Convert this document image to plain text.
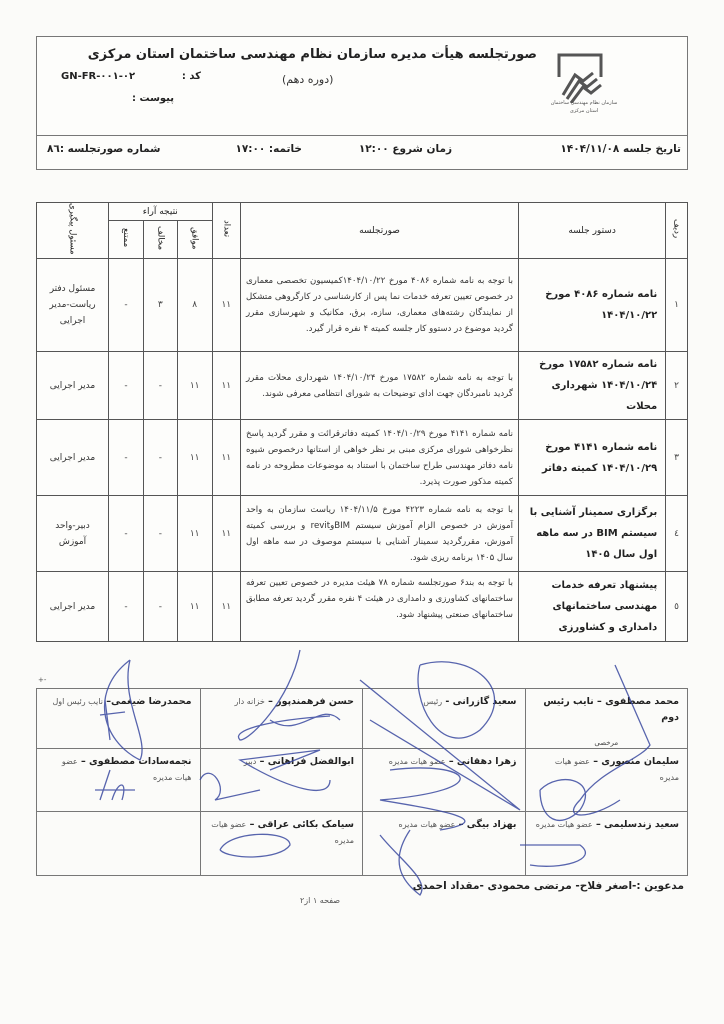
سازمان نظام مهندسی ساختمان استان مرکزی
صورتجلسه هیأت مدیره سازمان نظام مهندسی ساختمان استان مرکزی
(دوره دهم)
GN-FR-۰۰۱-۰۲	کد :
پیوست :
تاریخ جلسه ۱۴۰۴/۱۱/۰۸
زمان شروع ۱۲:۰۰
خاتمه: ۱۷:۰۰
شماره صورتجلسه :۸٦
ردیف	دستور جلسه	صورتجلسه	تعداد	نتیجه آراء			مسئول پیگیری
				موافق	مخالف	ممتنع	
۱	نامه شماره ۴۰۸۶ مورخ ۱۴۰۴/۱۰/۲۲	با توجه به نامه شماره ۴۰۸۶ مورخ ۱۴۰۴/۱۰/۲۲کمیسیون تخصصی معماری در خصوص تعیین تعرفه خدمات نما پس از کارشناسی در کارگروهی متشکل از نمایندگان رشته‌های معماری، سازه، برق، مکانیک و شهرسازی مقرر گردید موضوع در دستوو کار جلسه کمیته ۴ نفره قرار گیرد.	۱۱	۸	۳	-	مسئول دفتر ریاست-مدیر اجرایی
۲	نامه شماره ۱۷۵۸۲ مورخ ۱۴۰۴/۱۰/۲۴ شهرداری محلات	با توجه به نامه شماره ۱۷۵۸۲ مورخ ۱۴۰۴/۱۰/۲۴ شهرداری محلات مقرر گردید نامبردگان جهت ادای توضیحات به شورای انتظامی معرفی شوند.	۱۱	۱۱	-	-	مدیر اجرایی
۳	نامه شماره ۴۱۴۱ مورخ ۱۴۰۴/۱۰/۲۹ کمیته دفاتر	نامه شماره ۴۱۴۱ مورخ ۱۴۰۴/۱۰/۲۹ کمیته دفاترقرائت و مقرر گردید پاسخ نظرخواهی شورای مرکزی مبنی بر نظر خواهی از استانها درخصوص شیوه نامه دفاتر مهندسی طراح ساختمان با استناد به موضوعات مطروحه در نامه کمیته مذکور صورت پذیرد.	۱۱	۱۱	-	-	مدیر اجرایی
٤	برگزاری سمینار آشنایی با سیستم BIM در سه ماهه اول سال ۱۴۰۵	با توجه به نامه شماره ۴۲۲۳ مورخ ۱۴۰۴/۱۱/۵ ریاست سازمان به واحد آموزش در خصوص الزام آموزش سیستم BIMوrevit و بررسی کمیته آموزش، مقررگردید سمینار آشنایی با سیستم موصوف در سه ماهه اول سال ۱۴۰۵ برنامه ریزی شود.	۱۱	۱۱	-	-	دبیر-واحد آموزش
٥	پیشنهاد تعرفه خدمات مهندسی ساختمانهای دامداری و کشاورزی	با توجه به بند۶ صورتجلسه شماره ۷۸ هیئت مدیره در خصوص تعیین تعرفه ساختمانهای کشاورزی و دامداری در هیئت ۴ نفره مقرر گردید تعرفه مطابق ساختمانهای صنعتی پیشنهاد شود.	۱۱	۱۱	-	-	مدیر اجرایی
+-
محمد مصطفوی – نایب رئیس دوم
سعید گازرانی - رئیس
حسن فرهمندپور – خزانه دار
محمدرضا ضیغمی– نایب رئیس اول
مرخصی
سلیمان منصوری – عضو هیات مدیره
زهرا دهقانی – عضو هیات مدیره
ابوالفضل فراهانی – دبیر
نجمه‌سادات مصطفوی – عضو هیات مدیره
سعید زندسلیمی – عضو هیات مدیره
بهزاد بیگی – عضو هیات مدیره
سیامک بکائی عراقی – عضو هیات مدیره
مدعوین :-اصغر فلاح- مرتضی محمودی -مقداد احمدی
صفحه ۱ از۲
